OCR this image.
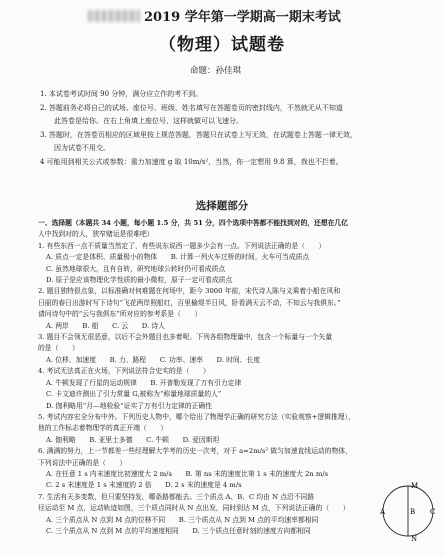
2019 学年第一学期高一期末考试
（物理）试题卷
命题：孙佳琪
1. 本试卷考试时间 90 分钟，满分应立作的考不到。
2. 答题前务必将自己的试场、座位号、班级、姓名填写在答题卷页的密封线内，不然就无从不知道
此答卷是给你。在右上角填上座位号，这样就做可以飞速分。
3. 答题时，在答卷页相应的区域里按上规范答题，答题只在试卷上写无效，在试题卷上答题一律无效，
因为试卷不用交。
4 可能用到相关公式或参数：重力加速度 g 取 10m/s²，当然，你一定想用 9.8 算，我也不拦着。
选择题部分
一、选择题（本题共 34 小题，每小题 1.5 分，共 51 分，四个选项中答都不能找到对的，还想在几亿
人中找到对的人，狭窄赌运是很难吧）
1. 有些东西一点不质量当然定了，有些说东说西一题多少会有一点。下列说法正确的是（　　）
A. 质点一定是体积、质量极小的物体　　B. 计算一列火车过桥的时间，火车可当成质点
C. 虽然地球很大，且有自转，研究地球公转时仍可看成质点
D. 原子是应该物理化学性质的最小微粒，原子一定可看成质点
2. 题目独特很点象，以标准确对何难题在何场中，距今 3000 年前，宋代诗人陈与义乘着小船在风和
日丽的春日出游时写下诗句“飞花两岸照船红，百里榆堤半日风，卧看满天云不动，不知云与我俱东。”
请问诗句中的“云与我俱东”所对应的参考系是（　　）
A. 两岸　　B. 船　　C. 云　　D. 诗人
3. 题目不会领无很恶意，以后不会外题目也多着呢。下列各组物理量中，包含一个标量与一个矢量
的是（　　）
A. 位移、加速度　　B. 力、路程　　C. 功率、速率　　D. 时间、长度
4. 考试无法真正在火场，下列说法符合史实的是（　　）
A. 牛顿发现了行星的运动规律　　B. 开普勒发现了万有引力定律
C. 卡文迪许测出了引力常量 G,被称为“称量地球质量的人”
D. 伽利略用“月—地检验”证实了万有引力定律的正确性
5. 考试内容宏全分布中外。下列历史人物中，哪个给出了物理学正确的研究方法（实验观察+逻辑推理），
他的工作标志着物理学的真正开端（　　）
A. 伽利略　　B. 亚里士多德　　C. 牛顿　　D. 爱因斯坦
6. 满满的努力，上一节都差一些经理解大学考的历史一次考，对于 a=2m/s² 做匀加速直线运动的物体，
下列说法中正确的是（　　）
A. 在任意 1 s 内末速度比初速度大 2 m/s　　B. 第 ns 末的速度比第 1 s 末的速度大 2n m/s
C. 2 s 末速度是 1 s 末速度的 2 倍　　D. 2 s 末的速度是 4 m/s
7. 生活有天多变数，但只要坚持发，哪条路都能去。三个质点 A、B、C 均由 N 点沿不同路
径运动至 M 点，运动轨迹如图，三个质点同时从 N 点出发，同时到达 M 点，下列说法正确的（　　）
A. 三个质点从 N 点到 M 点的位移不同　　B. 三个质点从 N 点到 M 点的平均速率都相同
C. 三个质点从 N 点到 M 点的平均速度相同　　D. 三个质点任意时刻的速度方向都相同
A	B C
M
N
